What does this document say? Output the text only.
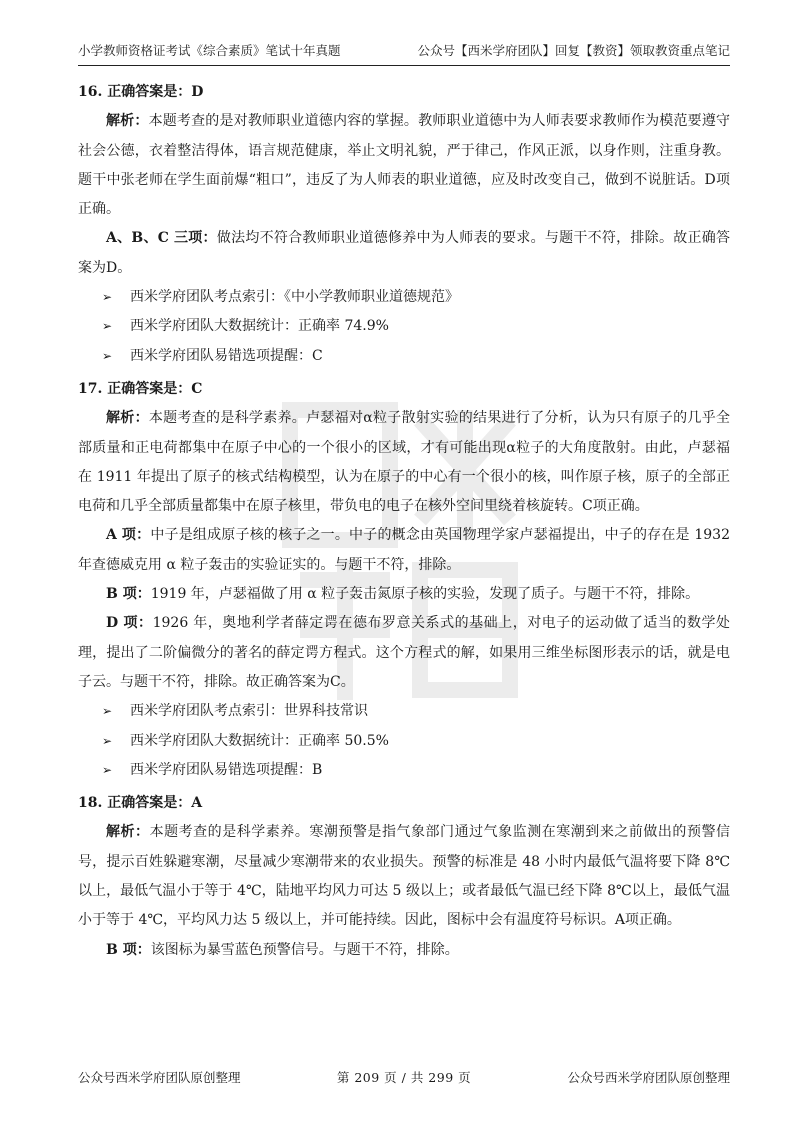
小学教师资格证考试《综合素质》笔试十年真题	公众号【西米学府团队】回复【教资】领取教资重点笔记

16. 正确答案是：D

解析：本题考查的是对教师职业道德内容的掌握。教师职业道德中为人师表要求教师作为模范要遵守社会公德，衣着整洁得体，语言规范健康，举止文明礼貌，严于律己，作风正派，以身作则，注重身教。题干中张老师在学生面前爆“粗口”，违反了为人师表的职业道德，应及时改变自己，做到不说脏话。D项正确。

A、B、C 三项：做法均不符合教师职业道德修养中为人师表的要求。与题干不符，排除。故正确答案为D。

➢	西米学府团队考点索引：《中小学教师职业道德规范》

➢	西米学府团队大数据统计：正确率 74.9%

➢	西米学府团队易错选项提醒：C

17. 正确答案是：C

解析：本题考查的是科学素养。卢瑟福对α粒子散射实验的结果进行了分析，认为只有原子的几乎全部质量和正电荷都集中在原子中心的一个很小的区域，才有可能出现α粒子的大角度散射。由此，卢瑟福在 1911 年提出了原子的核式结构模型，认为在原子的中心有一个很小的核，叫作原子核，原子的全部正电荷和几乎全部质量都集中在原子核里，带负电的电子在核外空间里绕着核旋转。C项正确。

A 项：中子是组成原子核的核子之一。中子的概念由英国物理学家卢瑟福提出，中子的存在是 1932 年查德威克用 α 粒子轰击的实验证实的。与题干不符，排除。

B 项：1919 年，卢瑟福做了用 α 粒子轰击氮原子核的实验，发现了质子。与题干不符，排除。

D 项：1926 年，奥地利学者薛定谔在德布罗意关系式的基础上，对电子的运动做了适当的数学处理，提出了二阶偏微分的著名的薛定谔方程式。这个方程式的解，如果用三维坐标图形表示的话，就是电子云。与题干不符，排除。故正确答案为C。

➢	西米学府团队考点索引：世界科技常识

➢	西米学府团队大数据统计：正确率 50.5%

➢	西米学府团队易错选项提醒：B

18. 正确答案是：A

解析：本题考查的是科学素养。寒潮预警是指气象部门通过气象监测在寒潮到来之前做出的预警信号，提示百姓躲避寒潮，尽量减少寒潮带来的农业损失。预警的标准是 48 小时内最低气温将要下降 8℃以上，最低气温小于等于 4℃，陆地平均风力可达 5 级以上；或者最低气温已经下降 8℃以上，最低气温小于等于 4℃，平均风力达 5 级以上，并可能持续。因此，图标中会有温度符号标识。A项正确。

B 项：该图标为暴雪蓝色预警信号。与题干不符，排除。

公众号西米学府团队原创整理	第 209 页 / 共 299 页	公众号西米学府团队原创整理
